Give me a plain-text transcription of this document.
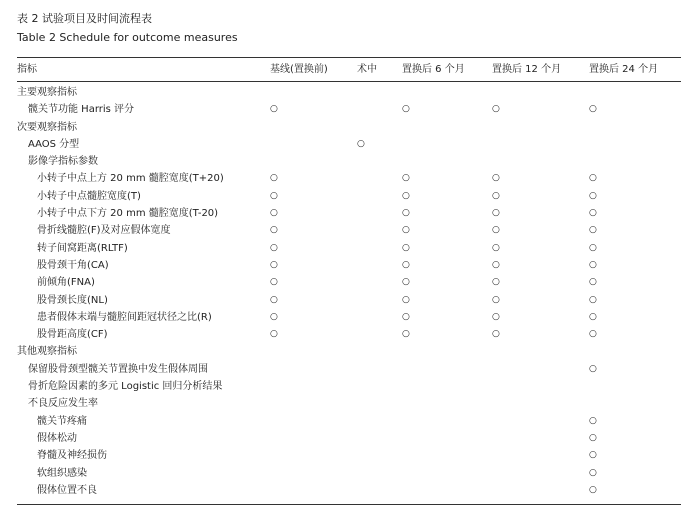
表 2 试验项目及时间流程表
Table 2 Schedule for outcome measures
指标	基线(置换前)	术中	置换后 6 个月	置换后 12 个月	置换后 24 个月

主要观察指标					
髋关节功能 Harris 评分	○		○	○	○
次要观察指标					
AAOS 分型		○			
影像学指标参数					
小转子中点上方 20 mm 髓腔宽度(T+20)	○		○	○	○
小转子中点髓腔宽度(T)	○		○	○	○
小转子中点下方 20 mm 髓腔宽度(T-20)	○		○	○	○
骨折线髓腔(F)及对应假体宽度	○		○	○	○
转子间窝距离(RLTF)	○		○	○	○
股骨颈干角(CA)	○		○	○	○
前倾角(FNA)	○		○	○	○
股骨颈长度(NL)	○		○	○	○
患者假体末端与髓腔间距冠状径之比(R)	○		○	○	○
股骨距高度(CF)	○		○	○	○
其他观察指标					
保留股骨颈型髋关节置换中发生假体周围					○
骨折危险因素的多元 Logistic 回归分析结果					
不良反应发生率					
髋关节疼痛					○
假体松动					○
脊髓及神经损伤					○
软组织感染					○
假体位置不良					○
